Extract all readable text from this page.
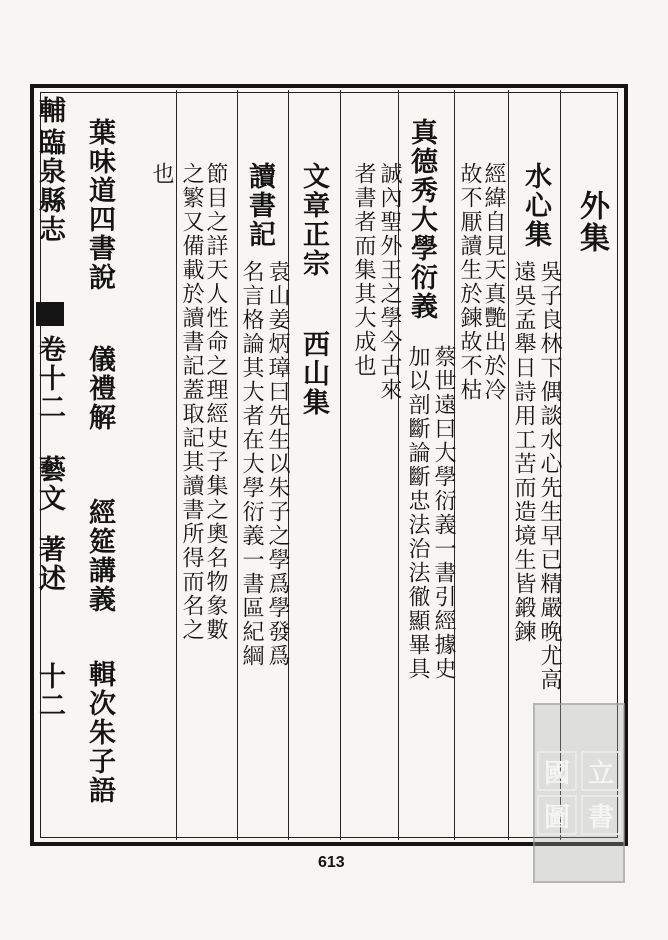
外集
水心集
吳子良林下偶談水心先生早已精嚴晚尤高
遠吳孟舉日詩用工苦而造境生皆鍛鍊
經緯自見天真艷出於冷
故不厭讀生於鍊故不枯
真德秀大學衍義
蔡世遠曰大學衍義一書引經據史
誠內聖外王之學今古來
加以剖斷論斷忠法治法徹顯畢具
者書者而集其大成也
文章正宗
西山集
讀書記
袁山姜炳璋曰先生以朱子之學爲學發爲
名言格論其大者在大學衍義一書區紀綱
節目之詳天人性命之理經史子集之奧名物象數
之繁又備載於讀書記蓋取記其讀書所得而名之
也
葉味道四書說
儀禮解
經筵講義
輯次朱子語
輔
臨泉縣志
卷十二 藝文
著述
十二
613
國 立
圖 書
